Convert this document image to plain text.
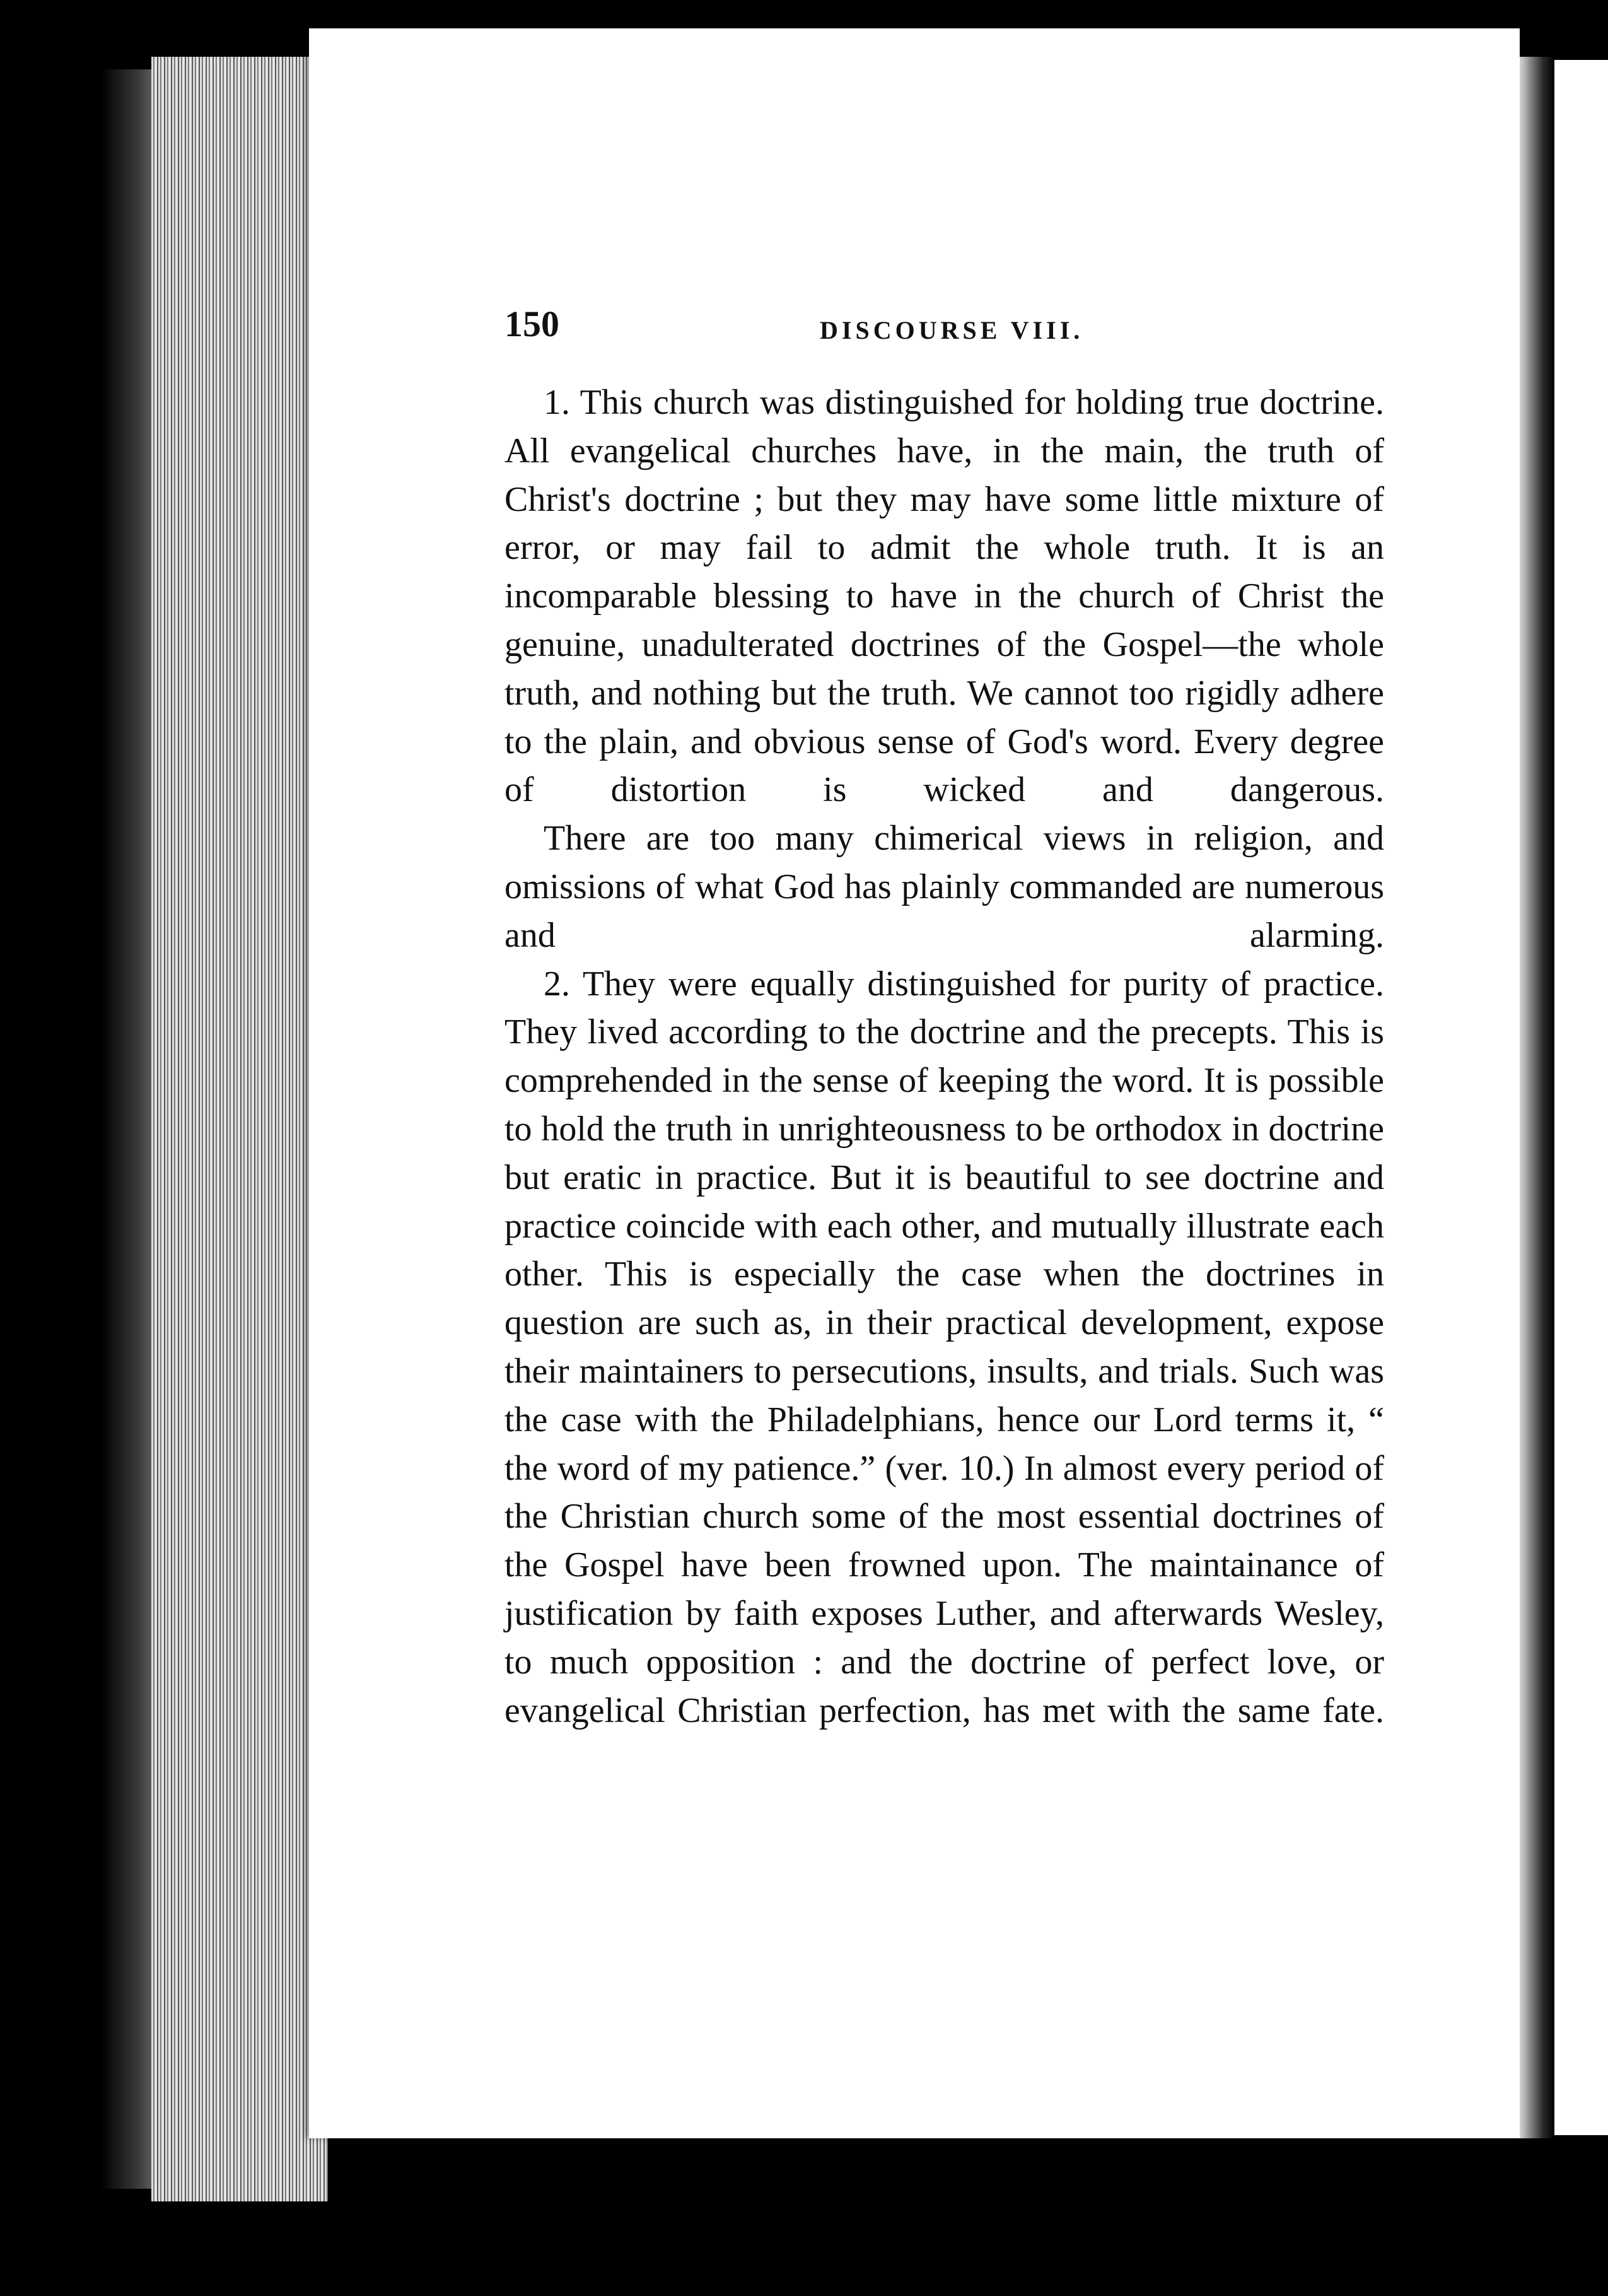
150	DISCOURSE VIII.

1. This church was distinguished for holding true doctrine. All evangelical churches have, in the main, the truth of Christ's doctrine ; but they may have some little mixture of error, or may fail to admit the whole truth. It is an incomparable blessing to have in the church of Christ the genuine, unadulterated doctrines of the Gospel—the whole truth, and nothing but the truth. We cannot too rigidly adhere to the plain, and obvious sense of God's word. Every degree of distortion is wicked and dangerous.

There are too many chimerical views in religion, and omissions of what God has plainly commanded are numerous and alarming.

2. They were equally distinguished for purity of practice. They lived according to the doctrine and the precepts. This is comprehended in the sense of keeping the word. It is possible to hold the truth in unrighteousness to be orthodox in doctrine but eratic in practice. But it is beautiful to see doctrine and practice coincide with each other, and mutually illustrate each other. This is especially the case when the doctrines in question are such as, in their practical development, expose their maintainers to persecutions, insults, and trials. Such was the case with the Philadelphians, hence our Lord terms it, “ the word of my patience.” (ver. 10.) In almost every period of the Christian church some of the most essential doctrines of the Gospel have been frowned upon. The maintainance of justification by faith exposes Luther, and afterwards Wesley, to much opposition : and the doctrine of perfect love, or evangelical Christian perfection, has met with the same fate.
